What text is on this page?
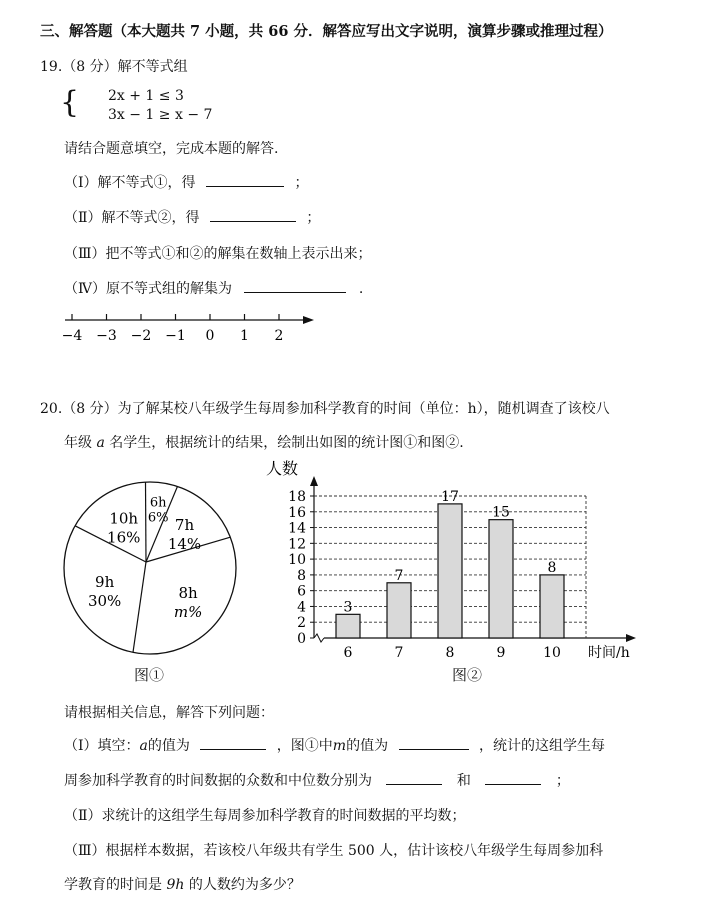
三、解答题（本大题共 7 小题，共 66 分．解答应写出文字说明，演算步骤或推理过程）
19.（8 分）解不等式组
{ 2x + 1 ≤ 3
3x − 1 ≥ x − 7
请结合题意填空，完成本题的解答.
（Ⅰ）解不等式①，得	；
（Ⅱ）解不等式②，得	；
（Ⅲ）把不等式①和②的解集在数轴上表示出来；
（Ⅳ）原不等式组的解集为	.
−4 −3 −2 −1 0 1 2
20.（8 分）为了解某校八年级学生每周参加科学教育的时间（单位：h），随机调查了该校八
年级 a 名学生，根据统计的结果，绘制出如图的统计图①和图②.
6h
6% 7h
14%
8h
m%
9h
30%
10h
16%
图①
人数
0
2
4
6
8
10
12
14
16
18
3
6
7
7
17
8
15
9
8
10 时间/h
图②
请根据相关信息，解答下列问题：
（Ⅰ）填空：a的值为	，图①中m的值为	，统计的这组学生每
周参加科学教育的时间数据的众数和中位数分别为	和	；
（Ⅱ）求统计的这组学生每周参加科学教育的时间数据的平均数；
（Ⅲ）根据样本数据，若该校八年级共有学生 500 人，估计该校八年级学生每周参加科
学教育的时间是 9h 的人数约为多少？
